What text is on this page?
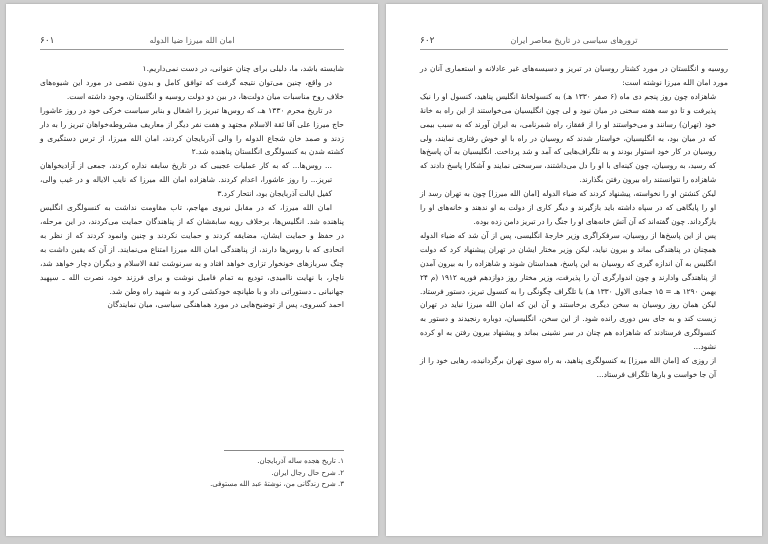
۶۰۱	امان الله میرزا ضیا الدوله

شایسته باشد، ما، دلیلی برای چنان عنوانی، در دست نمی‌داریم.۱

در واقع، چنین می‌توان نتیجه گرفت که توافق کامل و بدون نقصی در مورد این شیوه‌های خلاف روح مناسبات میان دولت‌ها، در بین دو دولت روسیه و انگلستان، وجود داشته است.

در تاریخ محرم ۱۳۳۰ هـ، که روس‌ها تبریز را اشغال و بنابر سیاست خرکی خود در روز عاشورا حاج میرزا علی آقا ثقة الاسلام مجتهد و هفت نفر دیگر از معاریف مشروطه‌خواهان تبریز را به دار زدند و صمد خان شجاع الدوله را والی آذربایجان کردند، امان الله میرزا، از ترس دستگیری و کشته شدن به کنسولگری انگلستان پناهنده شد.۲

... روس‌ها... که به کار عملیات عجیبی که در تاریخ سابقه نداره کردند، جمعی از آزادیخواهان تبریز... را روز عاشورا، اعدام کردند. شاهزاده امان الله میرزا که نایب الایاله و در غیب والی، کفیل ایالت آذربایجان بود، انتحار کرد.۳

امان الله میرزا، که در مقابل نیروی مهاجم، تاب مقاومت نداشت به کنسولگری انگلیس پناهنده شد. انگلیس‌ها، برخلاف رویه سابقشان که از پناهندگان حمایت می‌کردند، در این مرحله، در حفظ و حمایت ایشان، مضایقه کردند و حمایت نکردند و چنین وانمود کردند که از نظر به اتحادی که با روس‌ها دارند، از پناهندگی امان الله میرزا امتناع می‌نمایند. از آن که یقین داشت به چنگ سربازهای خونخوار تزاری خواهد افتاد و به سرنوشت ثقة الاسلام و دیگران دچار خواهد شد، ناچار، با نهایت ناامیدی، تودیع به تمام فامیل نوشت و برای فرزند خود، نصرت الله ـ سپهبد جهانبانی ـ دستوراتی داد و با طپانچه خودکشی کرد و به شهید راه وطن شد.

احمد کسروی، پس از توضیح‌هایی در مورد هماهنگی سیاسی، میان نمایندگان

۱. تاریخ هجده ساله آذربایجان.

۲. شرح حال رجال ایران.

۳. شرح زندگانی من، نوشتهٔ عبد الله مستوفی.

۶۰۲	ترورهای سیاسی در تاریخ معاصر ایران

روسیه و انگلستان در مورد کشتار روسیان در تبریز و دسیسه‌های غیر عادلانه و استعماری آنان در مورد امان الله میرزا نوشته است:

شاهزاده چون روز پنجم دی ماه (۶ صفر ۱۳۳۰ هـ) به کنسولخانهٔ انگلیس پناهید، کنسول او را نیک پذیرفت و تا دو سه هفته سخنی در میان نبود و لی چون انگلیسیان می‌خواستند از این راه به خانهٔ خود (تهران) رسانند و می‌خواستند او را از قفقاز، راه شمرنامی، به ایران آورند که به سبب بیمی که در میان بود، به انگلیسیان، خواستار شدند که روسیان در راه با او خوش رفتاری نمایند، ولی روسیان در کار خود استوار بودند و به تلگراف‌هایی که آمد و شد پرداخت. انگلیسیان به آن پاسخ‌ها که رسید، به روسیان، چون کینه‌ای با او را دل می‌داشتند، سرسختی نمایند و آشکارا پاسخ دادند که شاهزاده را نتوانستند راه بیرون رفتن بگذارند.

لیکن کنشتن او را نخواسته، پیشنهاد کردند که ضیاء الدوله [امان الله میرزا] چون به تهران رسد از او را پایگاهی که در سپاه داشته باید بازگیرند و دیگر کاری از دولت به او ندهند و خانه‌های او را بازگرداند. چون گفته‌اند که آن آتش خانه‌های او را جنگ را در تبریز دامن زده بوده.

پس از این پاسخ‌ها از روسیان، سرفکراگری وزیر خارجهٔ انگلیسی، پس از آن شد که ضیاء الدوله همچنان در پناهندگی بماند و بیرون نیاید، لیکن وزیر مختار ایشان در تهران پیشنهاد کرد که دولت انگلیس به آن اندازه گیری که روسیان به این پاسخ، همداستان شوند و شاهزاده را به بیرون آمدن از پناهندگی وادارند و چون اندوارگری آن را پذیرفت، وزیر مختار روز دوازدهم فوریه ۱۹۱۲ (م ۲۴ بهمن ۱۲۹۰ هـ = ۱۵ جمادی الاول ۱۳۳۰ هـ) با تلگراف چگونگی را به کنسول تبریز، دستور فرستاد. لیکن همان روز روسیان به سخن دیگری برخاستند و آن این که امان الله میرزا نباید در تهران زیست کند و به جای بس دوری رانده شود. از این سخن، انگلیسیان، دوباره رنجیدند و دستور به کنسولگری فرستادند که شاهزاده هم چنان در سر نشینی بماند و پیشنهاد بیرون رفتن به او کرده نشود...

از روزی که [امان الله میرزا] به کنسولگری پناهید، به راه سوی تهران برگردانیده، رهایی خود را از آن جا خواست و بارها تلگراف فرستاد...
